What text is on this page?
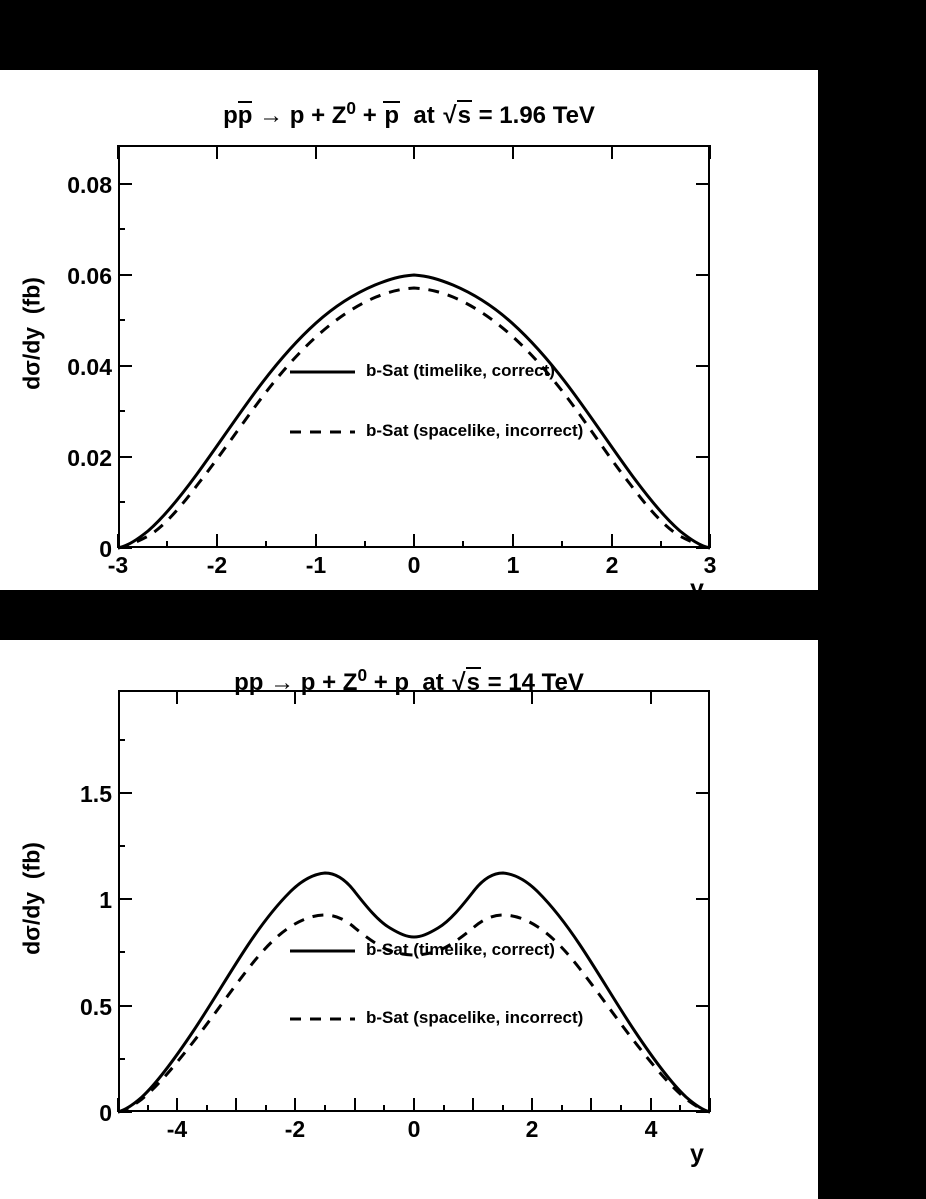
pp → $p + Z^0 + p$ at √s = 1.96 TeV
dσ/dy  (fb)
b-Sat (timelike, correct)
b-Sat (spacelike, incorrect)
-3	-2	-1	0	1	2	3
0
0.02
0.04
0.06
0.08
y
pp → $p + Z^0 + p$ at √s = 14 TeV
dσ/dy  (fb)
b-Sat (timelike, correct)
b-Sat (spacelike, incorrect)
-4	-2	0	2	4
0
0.5
1
1.5
y
